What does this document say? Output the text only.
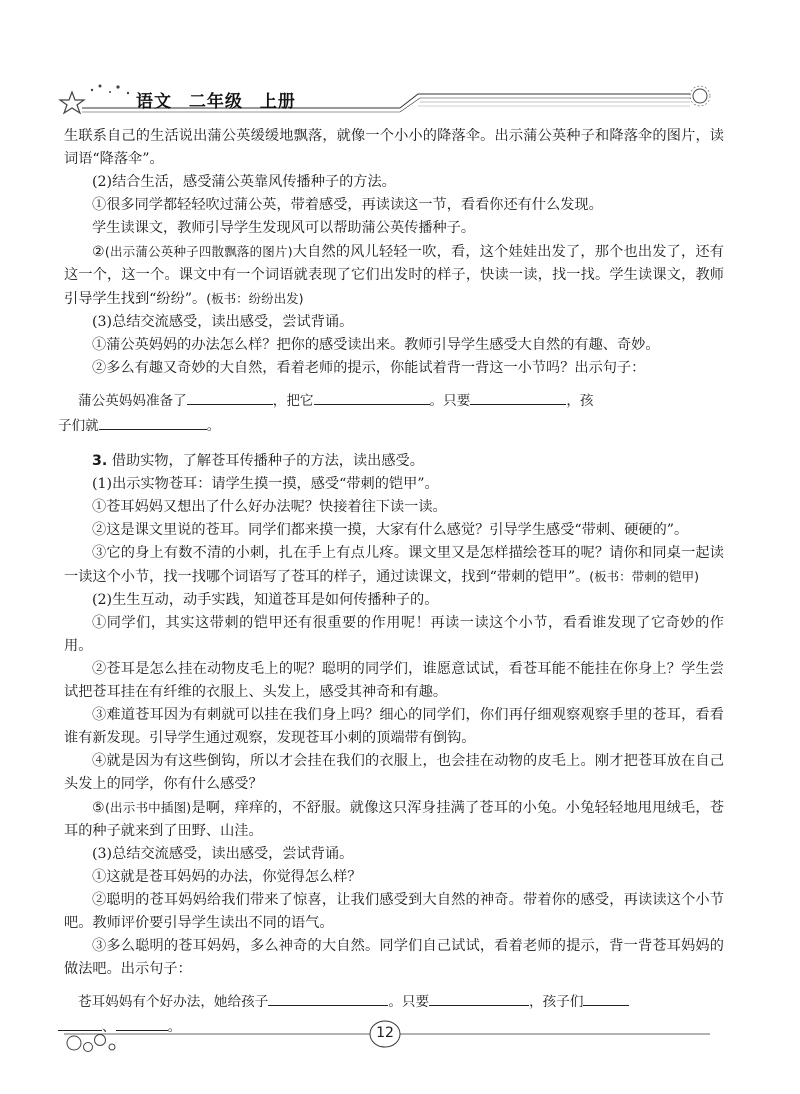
语文 二年级 上册

生联系自己的生活说出蒲公英缓缓地飘落，就像一个小小的降落伞。出示蒲公英种子和降落伞的图片，读词语“降落伞”。

(2)结合生活，感受蒲公英靠风传播种子的方法。

①很多同学都轻轻吹过蒲公英，带着感受，再读读这一节，看看你还有什么发现。

学生读课文，教师引导学生发现风可以帮助蒲公英传播种子。

②(出示蒲公英种子四散飘落的图片)大自然的风儿轻轻一吹，看，这个娃娃出发了，那个也出发了，还有这一个，这一个。课文中有一个词语就表现了它们出发时的样子，快读一读，找一找。学生读课文，教师引导学生找到“纷纷”。(板书：纷纷出发)

(3)总结交流感受，读出感受，尝试背诵。

①蒲公英妈妈的办法怎么样？把你的感受读出来。教师引导学生感受大自然的有趣、奇妙。

②多么有趣又奇妙的大自然，看着老师的提示，你能试着背一背这一小节吗？出示句子：

蒲公英妈妈准备了	，把它	。只要	，孩

子们就	。

3. 借助实物，了解苍耳传播种子的方法，读出感受。

(1)出示实物苍耳：请学生摸一摸，感受“带刺的铠甲”。

①苍耳妈妈又想出了什么好办法呢？快接着往下读一读。

②这是课文里说的苍耳。同学们都来摸一摸，大家有什么感觉？引导学生感受“带刺、硬硬的”。

③它的身上有数不清的小刺，扎在手上有点儿疼。课文里又是怎样描绘苍耳的呢？请你和同桌一起读一读这个小节，找一找哪个词语写了苍耳的样子，通过读课文，找到“带刺的铠甲”。(板书：带刺的铠甲)

(2)生生互动，动手实践，知道苍耳是如何传播种子的。

①同学们，其实这带刺的铠甲还有很重要的作用呢！再读一读这个小节，看看谁发现了它奇妙的作用。

②苍耳是怎么挂在动物皮毛上的呢？聪明的同学们，谁愿意试试，看苍耳能不能挂在你身上？学生尝试把苍耳挂在有纤维的衣服上、头发上，感受其神奇和有趣。

③难道苍耳因为有刺就可以挂在我们身上吗？细心的同学们，你们再仔细观察观察手里的苍耳，看看谁有新发现。引导学生通过观察，发现苍耳小刺的顶端带有倒钩。

④就是因为有这些倒钩，所以才会挂在我们的衣服上，也会挂在动物的皮毛上。刚才把苍耳放在自己头发上的同学，你有什么感受？

⑤(出示书中插图)是啊，痒痒的，不舒服。就像这只浑身挂满了苍耳的小兔。小兔轻轻地甩甩绒毛，苍耳的种子就来到了田野、山洼。

(3)总结交流感受，读出感受，尝试背诵。

①这就是苍耳妈妈的办法，你觉得怎么样？

②聪明的苍耳妈妈给我们带来了惊喜，让我们感受到大自然的神奇。带着你的感受，再读读这个小节吧。教师评价要引导学生读出不同的语气。

③多么聪明的苍耳妈妈，多么神奇的大自然。同学们自己试试，看着老师的提示，背一背苍耳妈妈的做法吧。出示句子：

苍耳妈妈有个好办法，她给孩子	。只要	，孩子们

、	。	12
